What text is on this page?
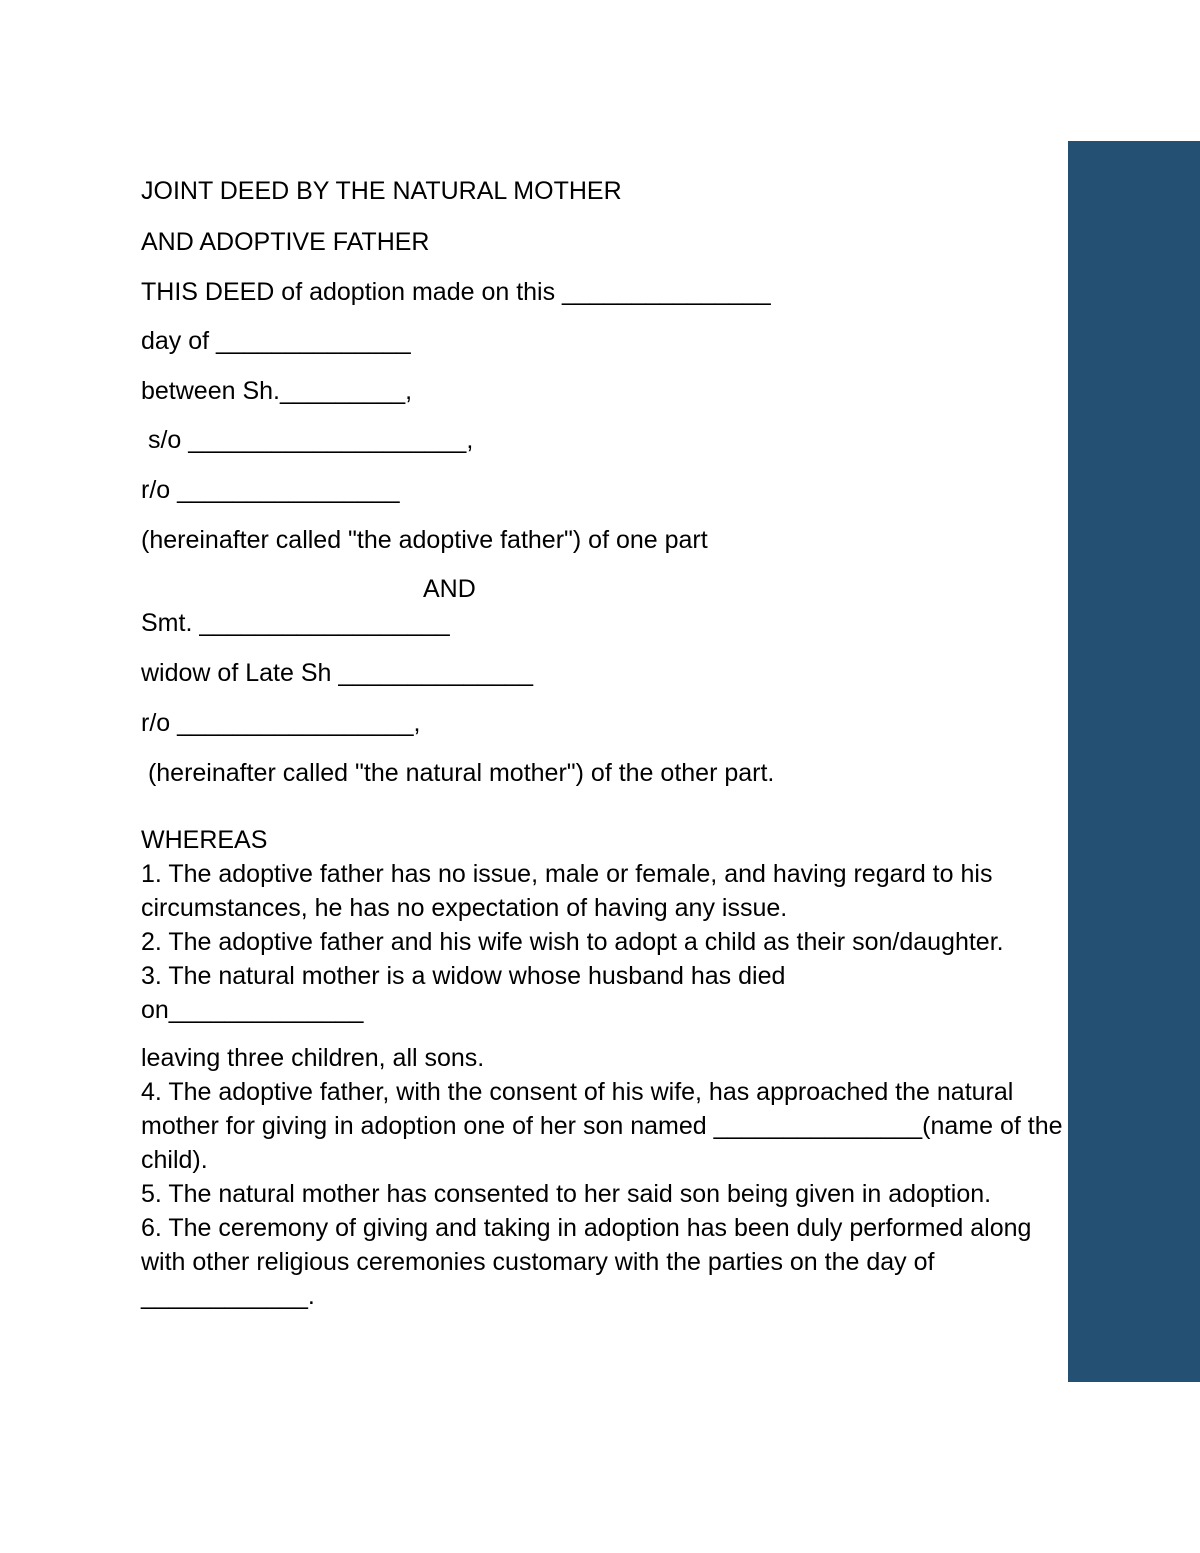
JOINT DEED BY THE NATURAL MOTHER

AND ADOPTIVE FATHER

THIS DEED of adoption made on this _______________

day of ______________

between Sh._________,

s/o ____________________,

r/o ________________

(hereinafter called "the adoptive father") of one part

AND

Smt. __________________

widow of Late Sh ______________

r/o _________________,

(hereinafter called "the natural mother") of the other part.

WHEREAS

1. The adoptive father has no issue, male or female, and having regard to his circumstances, he has no expectation of having any issue.

2. The adoptive father and his wife wish to adopt a child as their son/daughter.

3. The natural mother is a widow whose husband has died on______________

leaving three children, all sons.

4. The adoptive father, with the consent of his wife, has approached the natural mother for giving in adoption one of her son named _______________(name of the child).

5. The natural mother has consented to her said son being given in adoption.

6. The ceremony of giving and taking in adoption has been duly performed along with other religious ceremonies customary with the parties on the day of ____________.
